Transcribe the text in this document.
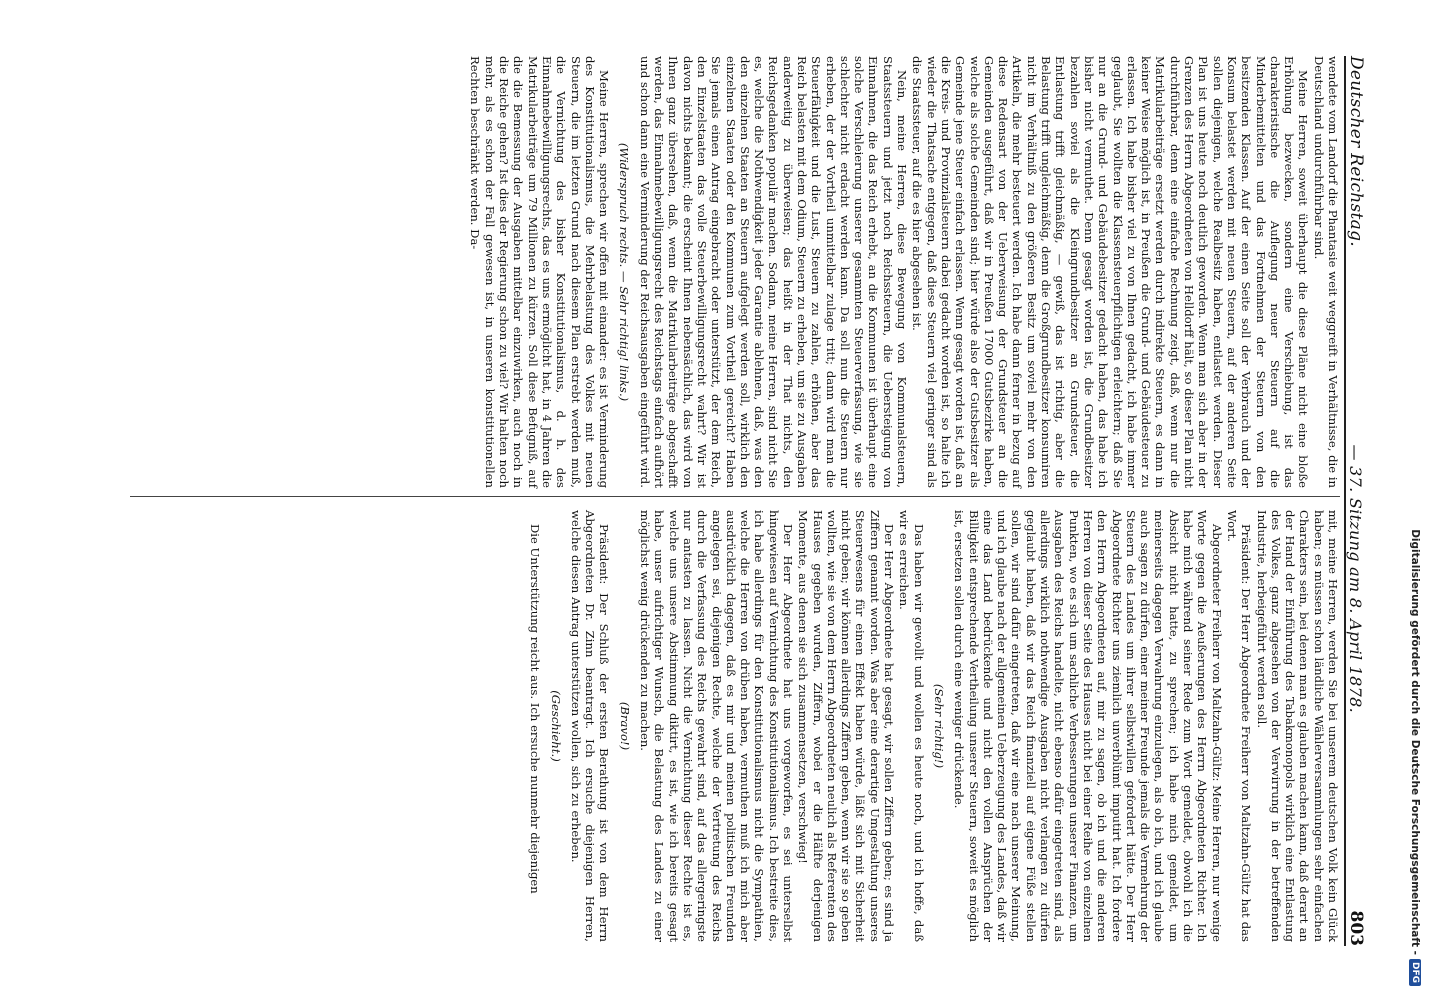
Deutscher Reichstag.
— 37. Sitzung am 8. April 1878.
803

wendete vom Landorf die Phantasie weit weggreift in Verhältnisse, die in Deutschland undurchführbar sind.

Meine Herren, soweit überhaupt die diese Pläne nicht eine bloße Erhöhung bezwecken, sondern eine Verschiebung, ist das charakteristische die Auflegung neuer Steuern auf die Minderbemittelten und das Fortnehmen der Steuern von den besitzenden Klassen. Auf der einen Seite soll der Verbrauch und der Konsum belastet werden mit neuen Steuern, auf der anderen Seite sollen diejenigen, welche Realbesitz haben, entlastet werden. Dieser Plan ist uns heute noch deutlich geworden. Wenn man sich aber in der Grenzen des Herrn Abgeordneten von Helldorff hält, so dieser Plan nicht durchführbar, denn eine einfache Rechnung zeigt, daß, wenn nur die Matrikularbeiträge ersetzt werden durch indirekte Steuern, es dann in keiner Weise möglich ist, in Preußen die Grund- und Gebäudesteuer zu erlassen. Ich habe bisher viel zu von Ihnen gedacht, ich habe immer geglaubt, Sie wollten die Klassensteuerpflichtigen erleichtern; daß Sie nur an die Grund- und Gebäudebesitzer gedacht haben, das habe ich bisher nicht vermuthet. Denn gesagt worden ist, die Grundbesitzer bezahlen soviel als die Kleingrundbesitzer an Grundsteuer, die Entlastung trifft gleichmäßig, — gewiß, das ist richtig, aber die Belastung trifft ungleichmäßig, denn die Großgrundbesitzer konsumiren nicht im Verhältniß zu den größeren Besitz um soviel mehr von den Artikeln, die mehr besteuert werden. Ich habe dann ferner in bezug auf diese Redensart von der Ueberweisung der Grundsteuer an die Gemeinden ausgeführt, daß wir in Preußen 17000 Gutsbezirke haben, welche als solche Gemeinden sind; hier würde also der Gutsbesitzer als Gemeinde jene Steuer einfach erlassen. Wenn gesagt worden ist, daß an die Kreis- und Provinzialsteuern dabei gedacht worden ist, so halte ich wieder die Thatsache entgegen, daß diese Steuern viel geringer sind als die Staatssteuer, auf die es hier abgesehen ist.

Nein, meine Herren, diese Bewegung von Kommunalsteuern, Staatssteuern und jetzt noch Reichssteuern, die Uebersteigung von Einnahmen, die das Reich erhebt, an die Kommunen ist überhaupt eine solche Verschleierung unserer gesammten Steuerverfassung, wie sie schlechter nicht erdacht werden kann. Da soll nun die Steuern nur erheben, der der Vortheil unmittelbar zulage tritt; dann wird man die Steuerfähigkeit und die Lust, Steuern zu zahlen, erhöhen, aber das Reich belasten mit dem Odium, Steuern zu erheben, um sie zu Ausgaben anderweitig zu überweisen; das heißt in der That nichts, den Reichsgedanken populär machen. Sodann, meine Herren, sind nicht Sie es, welche die Nothwendigkeit jeder Garantie ablehnen, daß, was den den einzelnen Staaten an Steuern aufgelegt werden soll, wirklich den einzelnen Staaten oder den Kommunen zum Vortheil gereicht? Haben Sie jemals einen Antrag eingebracht oder unterstützt, der dem Reich, den Einzelstaaten das volle Steuerbewilligungsrecht wahrt? Wir ist davon nichts bekannt; die erscheint Ihnen nebensächlich, das wird von Ihnen ganz übersehen, daß, wenn die Matrikularbeiträge abgeschafft werden, das Einnahmebewilligungsrecht des Reichstags einfach aufhört und schon dann eine Verminderung der Reichsausgaben eingeführt wird.

(Widerspruch rechts. — Sehr richtig! links.)

Meine Herren, sprechen wir offen mit einander: es ist Verminderung des Konstitutionalismus, die Mehrbelastung des Volkes mit neuen Steuern, die im letzten Grund nach diesem Plan erstrebt werden muß, die Vernichtung des bisher Konstitutionalismus, d. h. des Einnahmebewilligungsrechts, das es uns ermöglicht hat, in 4 Jahren die Matrikularbeiträge um 79 Millionen zu kürzen. Soll diese Befugniß, auf die die Bemessung der Ausgaben mittelbar einzuwirken, auch noch in die Reiche gehen? Ist dies der Regierung schon zu viel? Wir halten noch mehr, als es schon der Fall gewesen ist, in unseren konstitutionellen Rechten beschränkt werden. Da-

mit, meine Herren, werden Sie bei unserem deutschen Volk kein Glück haben; es müssen schon ländliche Wählerversammlungen sehr einfachen Charakters sein, bei denen man es glauben machen kann, daß derart an der Hand der Einführung des Tabakmonopols wirklich eine Entlastung des Volkes, ganz abgesehen von der Verwirrung in der betreffenden Industrie, herbeigeführt werden soll.

Präsident: Der Herr Abgeordnete Freiherr von Maltzahn-Gültz hat das Wort.

Abgeordneter Freiherr von Maltzahn-Gültz: Meine Herren, nur wenige Worte gegen die Aeußerungen des Herrn Abgeordneten Richter. Ich habe mich während seiner Rede zum Wort gemeldet, obwohl ich die Absicht nicht hatte, zu sprechen; ich habe mich gemeldet, um meinerseits dagegen Verwahrung einzulegen, als ob ich, und ich glaube auch sagen zu dürfen, einer meiner Freunde jemals die Vermehrung der Steuern des Landes um ihrer selbstwillen gefordert hätte. Der Herr Abgeordnete Richter uns ziemlich unverblümt imputirt hat. Ich fordere den Herrn Abgeordneten auf, mir zu sagen, ob ich und die anderen Herren von dieser Seite des Hauses nicht bei einer Reihe von einzelnen Punkten, wo es sich um sachliche Verbesserungen unserer Finanzen, um Ausgaben des Reichs handelte, nicht ebenso dafür eingetreten sind, als allerdings wirklich nothwendige Ausgaben nicht verlangen zu dürfen geglaubt haben, daß wir das Reich finanziell auf eigene Füße stellen sollen, wir sind dafür eingetreten, daß wir eine nach unserer Meinung, und ich glaube nach der allgemeinen Ueberzeugung des Landes, daß wir eine das Land bedrückende und nicht den vollen Ansprüchen der Billigkeit entsprechende Vertheilung unserer Steuern, soweit es möglich ist, ersetzen sollen durch eine weniger drückende.

(Sehr richtig!)

Das haben wir gewollt und wollen es heute noch, und ich hoffe, daß wir es erreichen.

Der Herr Abgeordnete hat gesagt, wir sollen Ziffern geben; es sind ja Ziffern genannt worden. Was aber eine derartige Umgestaltung unseres Steuerwesens für einen Effekt haben würde, läßt sich mit Sicherheit nicht geben; wir können allerdings Ziffern geben, wenn wir sie so geben wollten, wie sie von dem Herrn Abgeordneten neulich als Referenten des Hauses gegeben wurden, Ziffern, wobei er die Hälfte derjenigen Momente, aus denen sie sich zusammensetzen, verschwieg!

Der Herr Abgeordnete hat uns vorgeworfen, es sei unterselbst hingewiesen auf Vernichtung des Konstitutionalismus. Ich bestreite dies, ich habe allerdings für den Konstitutionalismus nicht die Sympathien, welche die Herren von drüben haben, vermuthen muß ich mich aber ausdrücklich dagegen, daß es mir und meinen politischen Freunden angelegen sei, diejenigen Rechte, welche der Vertretung des Reichs durch die Verfassung des Reichs gewahrt sind, auf das allergeringste nur antasten zu lassen. Nicht die Vernichtung dieser Rechte ist es, welche uns unsere Abstimmung diktirt, es ist, wie ich bereits gesagt habe, unser aufrichtiger Wunsch, die Belastung des Landes zu einer möglichst wenig drückenden zu machen.

(Bravo!)

Präsident: Der Schluß der ersten Berathung ist von dem Herrn Abgeordneten Dr. Zinn beantragt. Ich ersuche diejenigen Herren, welche diesen Antrag unterstützen wollen, sich zu erheben.

(Geschieht.)

Die Unterstützung reicht aus. Ich ersuche nunmehr diejenigen	Digitalisierung gefördert durch die Deutsche Forschungsgemeinschaft -
DFG
